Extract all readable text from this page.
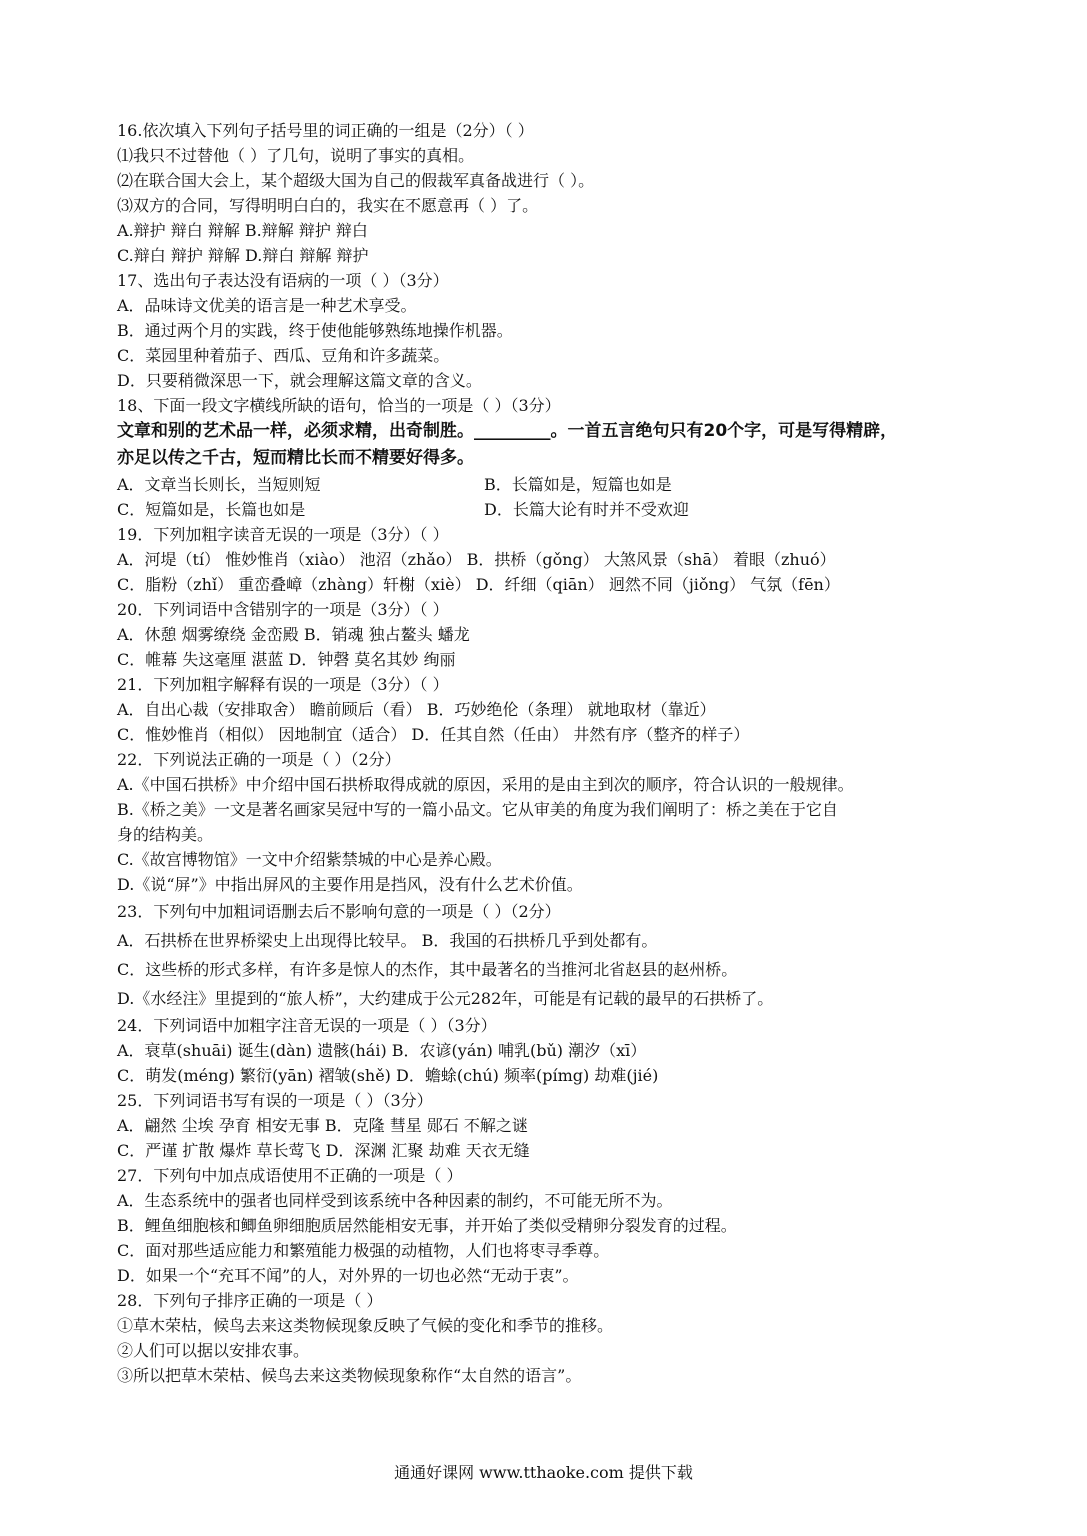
16.依次填入下列句子括号里的词正确的一组是（2分）（ ）
⑴我只不过替他（ ）了几句，说明了事实的真相。
⑵在联合国大会上，某个超级大国为自己的假裁军真备战进行（ ）。
⑶双方的合同，写得明明白白的，我实在不愿意再（ ）了。
A.辩护 辩白 辩解 B.辩解 辩护 辩白
C.辩白 辩护 辩解 D.辩白 辩解 辩护
17、选出句子表达没有语病的一项（ ）（3分）
A．品味诗文优美的语言是一种艺术享受。
B．通过两个月的实践，终于使他能够熟练地操作机器。
C．菜园里种着茄子、西瓜、豆角和许多蔬菜。
D．只要稍微深思一下，就会理解这篇文章的含义。
18、下面一段文字横线所缺的语句，恰当的一项是（ ）（3分）
文章和别的艺术品一样，必须求精，出奇制胜。_________。一首五言绝句只有20个字，可是写得精辟，
亦足以传之千古，短而精比长而不精要好得多。
A．文章当长则长，当短则短	B．长篇如是，短篇也如是
C．短篇如是，长篇也如是	D．长篇大论有时并不受欢迎
19．下列加粗字读音无误的一项是（3分）（ ）
A．河堤（tí） 惟妙惟肖（xiào） 池沼（zhǎo） B．拱桥（gǒng） 大煞风景（shā） 着眼（zhuó）
C．脂粉（zhǐ） 重峦叠嶂（zhàng）轩榭（xiè） D．纤细（qiān） 迥然不同（jiǒng） 气氛（fēn）
20．下列词语中含错别字的一项是（3分）（ ）
A．休憩 烟雾缭绕 金峦殿 B．销魂 独占鳌头 蟠龙
C．帷幕 失这毫厘 湛蓝 D．钟磬 莫名其妙 绚丽
21．下列加粗字解释有误的一项是（3分）（ ）
A．自出心裁（安排取舍） 瞻前顾后（看） B．巧妙绝伦（条理） 就地取材（靠近）
C．惟妙惟肖（相似） 因地制宜（适合） D．任其自然（任由） 井然有序（整齐的样子）
22．下列说法正确的一项是（ ）（2分）
A.《中国石拱桥》中介绍中国石拱桥取得成就的原因，采用的是由主到次的顺序，符合认识的一般规律。
B.《桥之美》一文是著名画家吴冠中写的一篇小品文。它从审美的角度为我们阐明了：桥之美在于它自
身的结构美。
C.《故宫博物馆》一文中介绍紫禁城的中心是养心殿。
D.《说“屏”》中指出屏风的主要作用是挡风，没有什么艺术价值。
23．下列句中加粗词语删去后不影响句意的一项是（ ）（2分）
A．石拱桥在世界桥梁史上出现得比较早。 B．我国的石拱桥几乎到处都有。
C．这些桥的形式多样，有许多是惊人的杰作，其中最著名的当推河北省赵县的赵州桥。
D.《水经注》里提到的“旅人桥”，大约建成于公元282年，可能是有记载的最早的石拱桥了。
24．下列词语中加粗字注音无误的一项是（ ）（3分）
A．衰草(shuāi) 诞生(dàn) 遗骸(hái) B．农谚(yán) 哺乳(bǔ) 潮汐（xī）
C．萌发(méng) 繁衍(yān) 褶皱(shě) D．蟾蜍(chú) 频率(pímg) 劫难(jié)
25．下列词语书写有误的一项是（ ）（3分）
A．翩然 尘埃 孕育 相安无事 B．克隆 彗星 郧石 不解之谜
C．严谨 扩散 爆炸 草长莺飞 D．深渊 汇聚 劫难 天衣无缝
27．下列句中加点成语使用不正确的一项是（ ）
A．生态系统中的强者也同样受到该系统中各种因素的制约，不可能无所不为。
B．鲤鱼细胞核和鲫鱼卵细胞质居然能相安无事，并开始了类似受精卵分裂发育的过程。
C．面对那些适应能力和繁殖能力极强的动植物，人们也将枣寻季尊。
D．如果一个“充耳不闻”的人，对外界的一切也必然“无动于衷”。
28．下列句子排序正确的一项是（ ）
①草木荣枯，候鸟去来这类物候现象反映了气候的变化和季节的推移。
②人们可以据以安排农事。
③所以把草木荣枯、候鸟去来这类物候现象称作“太自然的语言”。
通通好课网 www.tthaoke.com 提供下载
